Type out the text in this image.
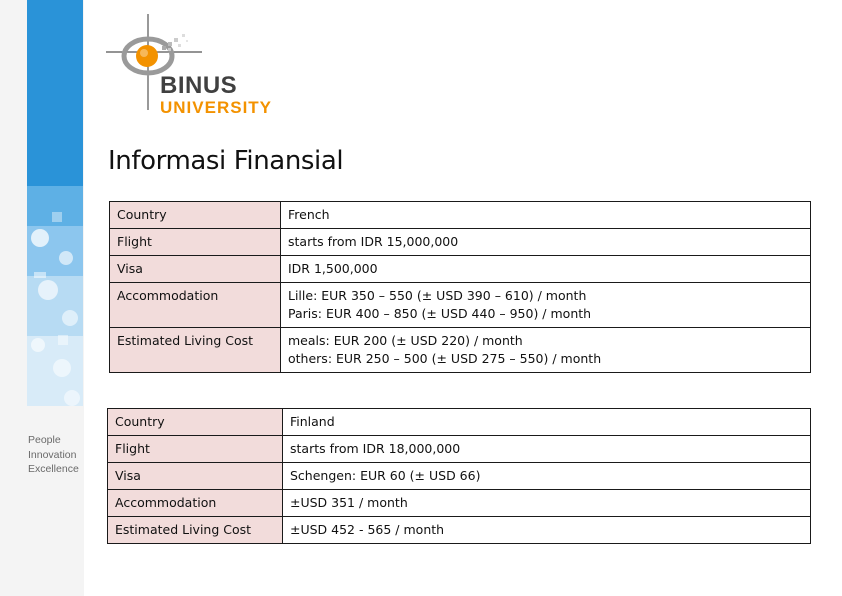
People
Innovation
Excellence
BINUS
UNIVERSITY
Informasi Finansial
Country	French

Flight	starts from IDR 15,000,000

Visa	IDR 1,500,000

Accommodation	Lille: EUR 350 – 550 (± USD 390 – 610) / month
Paris: EUR 400 – 850 (± USD 440 – 950) / month

Estimated Living Cost	meals: EUR 200 (± USD 220) / month
others: EUR 250 – 500 (± USD 275 – 550) / month
Country	Finland

Flight	starts from IDR 18,000,000

Visa	Schengen: EUR 60 (± USD 66)

Accommodation	±USD 351 / month

Estimated Living Cost	±USD 452 - 565 / month
